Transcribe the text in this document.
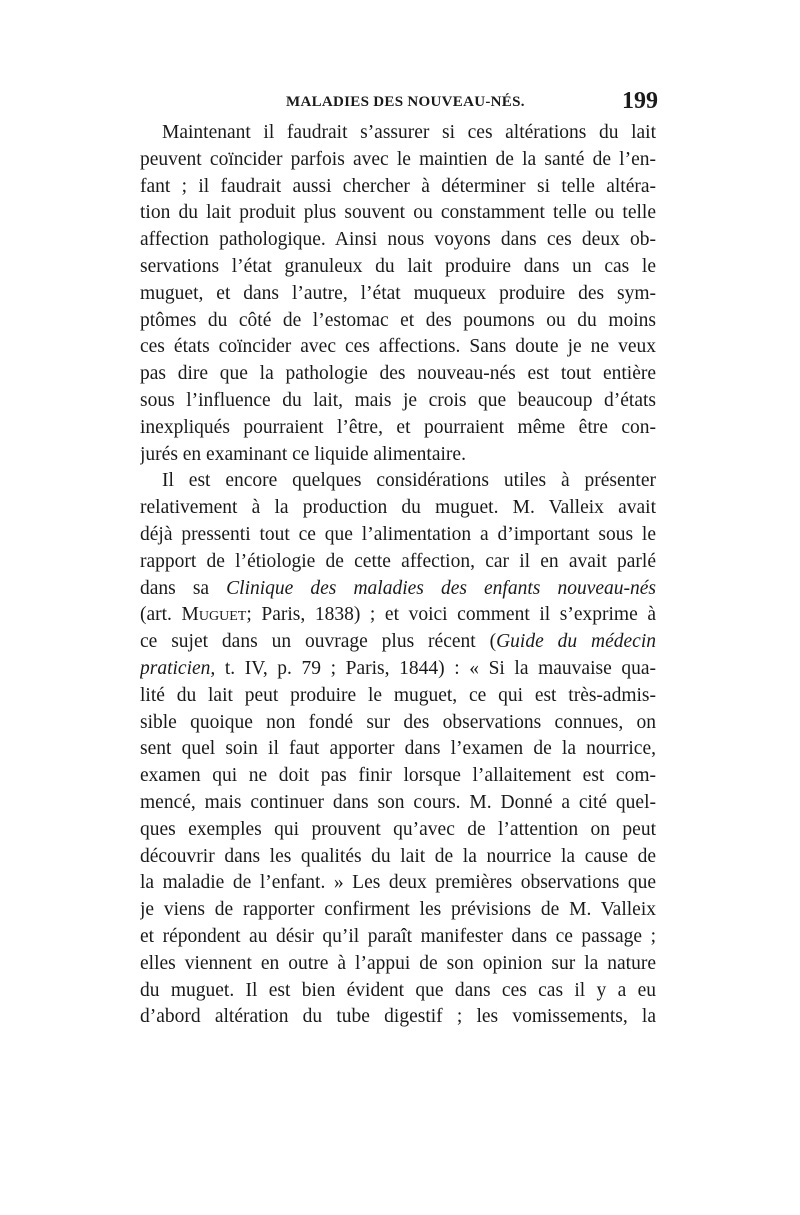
MALADIES DES NOUVEAU-NÉS.	199
Maintenant il faudrait s’assurer si ces altérations du lait
peuvent coïncider parfois avec le maintien de la santé de l’en-
fant ; il faudrait aussi chercher à déterminer si telle altéra-
tion du lait produit plus souvent ou constamment telle ou telle
affection pathologique. Ainsi nous voyons dans ces deux ob-
servations l’état granuleux du lait produire dans un cas le
muguet, et dans l’autre, l’état muqueux produire des sym-
ptômes du côté de l’estomac et des poumons ou du moins
ces états coïncider avec ces affections. Sans doute je ne veux
pas dire que la pathologie des nouveau-nés est tout entière
sous l’influence du lait, mais je crois que beaucoup d’états
inexpliqués pourraient l’être, et pourraient même être con-
jurés en examinant ce liquide alimentaire.
Il est encore quelques considérations utiles à présenter
relativement à la production du muguet. M. Valleix avait
déjà pressenti tout ce que l’alimentation a d’important sous le
rapport de l’étiologie de cette affection, car il en avait parlé
dans sa Clinique des maladies des enfants nouveau-nés
(art. Muguet; Paris, 1838) ; et voici comment il s’exprime à
ce sujet dans un ouvrage plus récent (Guide du médecin
praticien, t. IV, p. 79 ; Paris, 1844) : « Si la mauvaise qua-
lité du lait peut produire le muguet, ce qui est très-admis-
sible quoique non fondé sur des observations connues, on
sent quel soin il faut apporter dans l’examen de la nourrice,
examen qui ne doit pas finir lorsque l’allaitement est com-
mencé, mais continuer dans son cours. M. Donné a cité quel-
ques exemples qui prouvent qu’avec de l’attention on peut
découvrir dans les qualités du lait de la nourrice la cause de
la maladie de l’enfant. » Les deux premières observations que
je viens de rapporter confirment les prévisions de M. Valleix
et répondent au désir qu’il paraît manifester dans ce passage ;
elles viennent en outre à l’appui de son opinion sur la nature
du muguet. Il est bien évident que dans ces cas il y a eu
d’abord altération du tube digestif ; les vomissements, la
